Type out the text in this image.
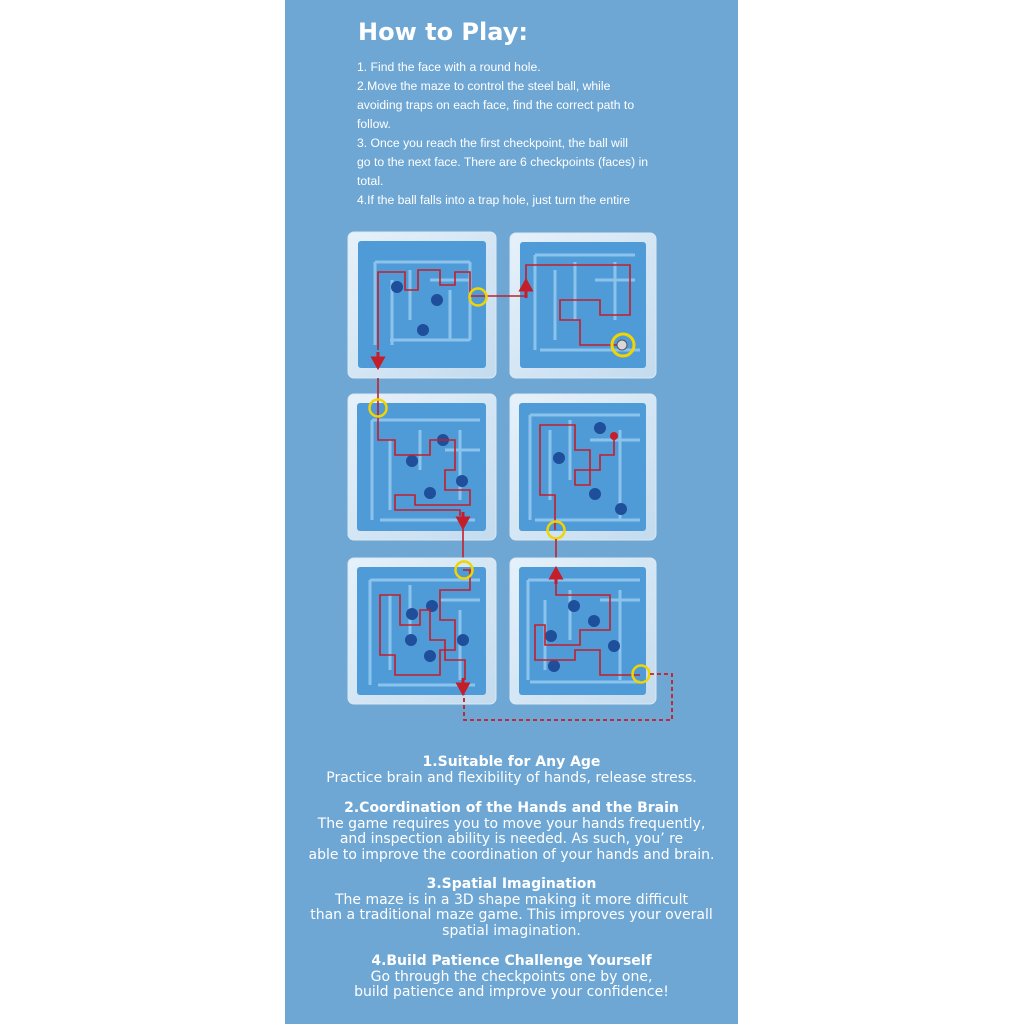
How to Play:
1. Find the face with a round hole.
2.Move the maze to control the steel ball, while
avoiding traps on each face, find the correct path to
follow.
3. Once you reach the first checkpoint, the ball will
go to the next face. There are 6 checkpoints (faces) in
total.
4.If the ball falls into a trap hole, just turn the entire
1.Suitable for Any Age
Practice brain and flexibility of hands, release stress.
2.Coordination of the Hands and the Brain
The game requires you to move your hands frequently,
and inspection ability is needed. As such, you’ re
able to improve the coordination of your hands and brain.
3.Spatial Imagination
The maze is in a 3D shape making it more difficult
than a traditional maze game. This improves your overall
spatial imagination.
4.Build Patience Challenge Yourself
Go through the checkpoints one by one,
build patience and improve your confidence!
